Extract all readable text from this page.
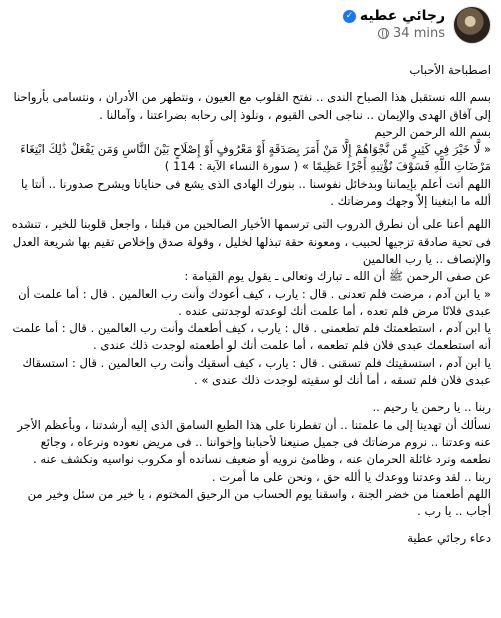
رجائي عطيه
✓
34 mins

اصطباحة الأحباب

بسم الله نستقبل هذا الصباح الندى .. نفتح القلوب مع العيون ، ونتطهر من الأدران ، ونتسامى بأرواحنا إلى آفاق الهدى والإيمان .. نناجى الحى القيوم ، ونلوذ إلى رحابه بضراعتنا ، وآمالنا .

بسم الله الرحمن الرحيم

« لَّا خَيْرَ فِي كَثِيرٍ مِّن نَّجْوَاهُمْ إِلَّا مَنْ أَمَرَ بِصَدَقَةٍ أَوْ مَعْرُوفٍ أَوْ إِصْلَاحٍ بَيْنَ النَّاسِ وَمَن يَفْعَلْ ذَٰلِكَ ابْتِغَاءَ مَرْضَاتِ اللَّهِ فَسَوْفَ نُؤْتِيهِ أَجْرًا عَظِيمًا » ( سورة النساء الآية : 114 )

اللهم أنت أعلم بإيماننا وبدخائل نفوسنا .. بنورك الهادى الذى يشع فى حنايانا ويشرح صدورنا .. أنتا يا ألله ما ابتغينا إلاّ وجهك ومرضاتك .

اللهم أعنا على أن نطرق الدروب التى ترسمها الأخيار الصالحين من قبلنا ، واجعل قلوبنا للخير ، تنشده فى تحية صادقة تزجيها لحبيب ، ومعونة حقة تبذلها لخليل ، وقولة صدق وإخلاص تقيم بها شريعة العدل والإنصاف .. يا رب العالمين

عن صفى الرحمن ﷺ أن الله ـ تبارك وتعالى ـ يقول يوم القيامة :

« يا ابن آدم ، مرضت فلم تعدنى . قال : يارب ، كيف أعودك وأنت رب العالمين . قال : أما علمت أن عبدى فلانًا مرض فلم تعده ، أما علمت أنك لوعدته لوجدتنى عنده .

يا ابن آدم ، استطعمتك فلم تطعمنى . قال : يارب ، كيف أطعمك وأنت رب العالمين . قال : أما علمت أنه استطعمك عبدى فلان فلم تطعمه ، أما علمت أنك لو أطعمته لوجدت ذلك عندى .

يا ابن آدم ، استسقيتك فلم تسقنى . قال : يارب ، كيف أسقيك وأنت رب العالمين . قال : استسقاك عبدى فلان فلم تسقه ، أما أنك لو سقيته لوجدت ذلك عندى » .

ربنا .. يا رحمن يا رحيم ..

نسألك أن تهدينا إلى ما علمتنا .. أن تفطرنا على هذا الطبع السامق الذى إليه أرشدتنا ، وبأعظم الأجر عنه وعدتنا .. نروم مرضاتك فى جميل صنيعنا لأحبابنا وإخواننا .. فى مريض نعوده ونرعاه ، وجائع نطعمه ونرد غائلة الحرمان عنه ، وظامئ نرويه أو ضعيف نسانده أو مكروب نواسيه ونكشف عنه .

ربنا .. لقد وعدتنا ووعدك يا ألله حق ، ونحن على ما أمرت .

اللهم أطعمنا من خضر الجنة ، واسقنا يوم الحساب من الرحيق المختوم ، يا خير من سئل وخير من أجاب .. يا رب .

دعاء رجائي عطية
